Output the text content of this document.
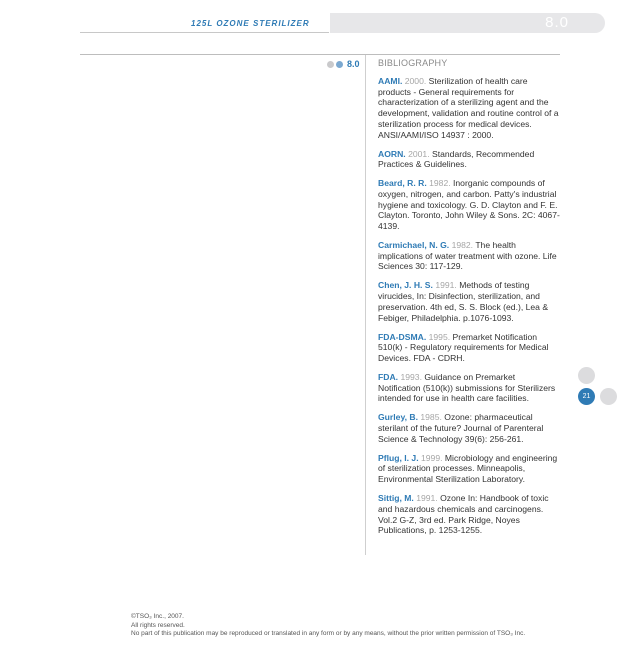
125L OZONE STERILIZER	8.0
8.0 BIBLIOGRAPHY
AAMI. 2000. Sterilization of health care products - General requirements for characterization of a sterilizing agent and the development, validation and routine control of a sterilization process for medical devices. ANSI/AAMI/ISO 14937 : 2000.
AORN. 2001. Standards, Recommended Practices & Guidelines.
Beard, R. R. 1982. Inorganic compounds of oxygen, nitrogen, and carbon. Patty's industrial hygiene and toxicology. G. D. Clayton and F. E. Clayton. Toronto, John Wiley & Sons. 2C: 4067-4139.
Carmichael, N. G. 1982. The health implications of water treatment with ozone. Life Sciences 30: 117-129.
Chen, J. H. S. 1991. Methods of testing virucides, In: Disinfection, sterilization, and preservation. 4th ed, S. S. Block (ed.), Lea & Febiger, Philadelphia. p.1076-1093.
FDA-DSMA. 1995. Premarket Notification 510(k) - Regulatory requirements for Medical Devices. FDA - CDRH.
FDA. 1993. Guidance on Premarket Notification (510(k)) submissions for Sterilizers intended for use in health care facilities.
Gurley, B. 1985. Ozone: pharmaceutical sterilant of the future? Journal of Parenteral Science & Technology 39(6): 256-261.
Pflug, I. J. 1999. Microbiology and engineering of sterilization processes. Minneapolis, Environmental Sterilization Laboratory.
Sittig, M. 1991. Ozone In: Handbook of toxic and hazardous chemicals and carcinogens. Vol.2 G-Z, 3rd ed. Park Ridge, Noyes Publications, p. 1253-1255.
21
©TSO₃ Inc., 2007.
All rights reserved.
No part of this publication may be reproduced or translated in any form or by any means, without the prior written permission of TSO₃ Inc.
